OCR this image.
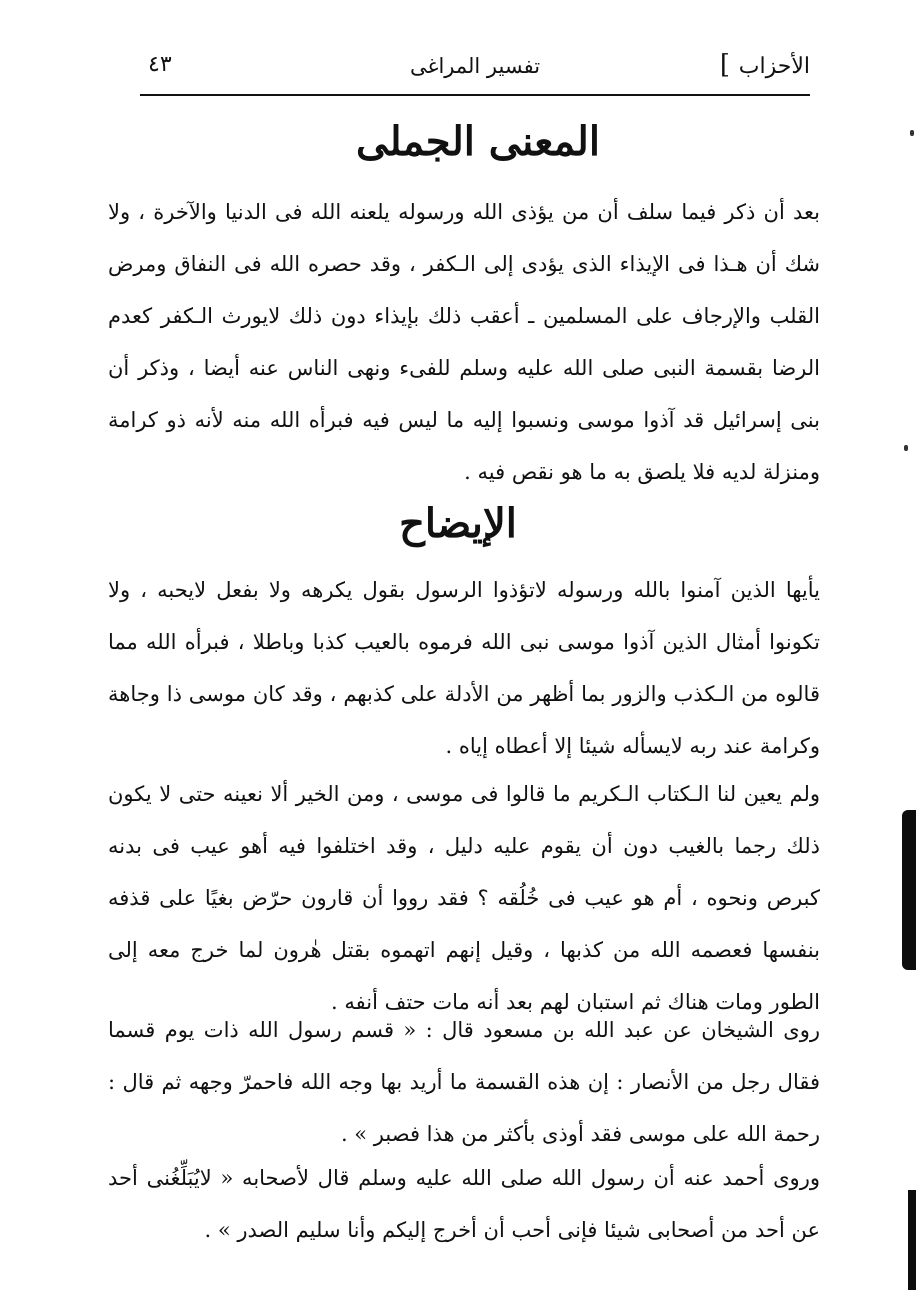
الأحزاب
]
تفسير المراغى
٤٣
المعنى الجملى
بعد أن ذكر فيما سلف أن من يؤذى الله ورسوله يلعنه الله فى الدنيا والآخرة ، ولا شك أن هـذا فى الإيذاء الذى يؤدى إلى الـكفر ، وقد حصره الله فى النفاق ومرض القلب والإرجاف على المسلمين ـ أعقب ذلك بإيذاء دون ذلك لايورث الـكفر كعدم الرضا بقسمة النبى صلى الله عليه وسلم للفىء ونهى الناس عنه أيضا ، وذكر أن بنى إسرائيل قد آذوا موسى ونسبوا إليه ما ليس فيه فبرأه الله منه لأنه ذو كرامة ومنزلة لديه فلا يلصق به ما هو نقص فيه .
الإيضاح
يأيها الذين آمنوا بالله ورسوله لاتؤذوا الرسول بقول يكرهه ولا بفعل لايحبه ، ولا تكونوا أمثال الذين آذوا موسى نبى الله فرموه بالعيب كذبا وباطلا ، فبرأه الله مما قالوه من الـكذب والزور بما أظهر من الأدلة على كذبهم ، وقد كان موسى ذا وجاهة وكرامة عند ربه لايسأله شيئا إلا أعطاه إياه .
ولم يعين لنا الـكتاب الـكريم ما قالوا فى موسى ، ومن الخير ألا نعينه حتى لا يكون ذلك رجما بالغيب دون أن يقوم عليه دليل ، وقد اختلفوا فيه أهو عيب فى بدنه كبرص ونحوه ، أم هو عيب فى خُلُقه ؟ فقد رووا أن قارون حرّض بغيًا على قذفه بنفسها فعصمه الله من كذبها ، وقيل إنهم اتهموه بقتل هٰرون لما خرج معه إلى الطور ومات هناك ثم استبان لهم بعد أنه مات حتف أنفه .
روى الشيخان عن عبد الله بن مسعود قال : « قسم رسول الله ذات يوم قسما فقال رجل من الأنصار : إن هذه القسمة ما أريد بها وجه الله فاحمرّ وجهه ثم قال : رحمة الله على موسى فقد أوذى بأكثر من هذا فصبر » .
وروى أحمد عنه أن رسول الله صلى الله عليه وسلم قال لأصحابه « لايُبَلِّغُنى أحد عن أحد من أصحابى شيئا فإنى أحب أن أخرج إليكم وأنا سليم الصدر » .
